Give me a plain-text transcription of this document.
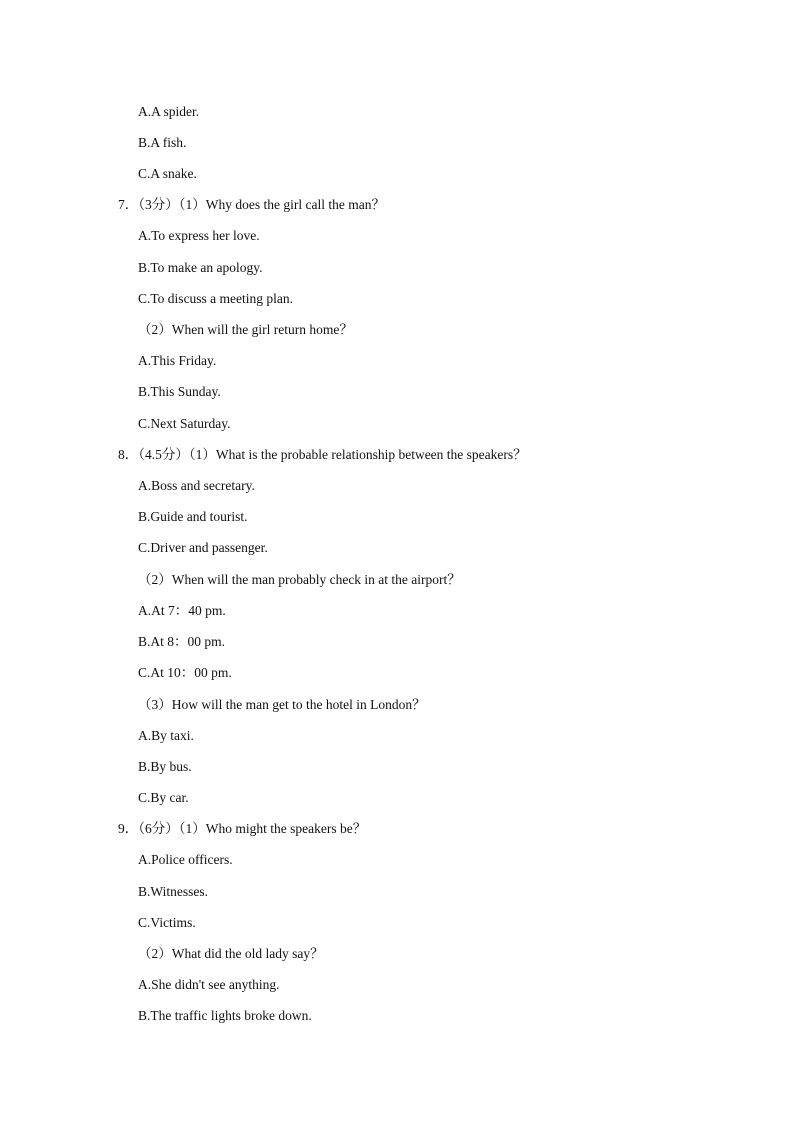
A.A spider.
B.A fish.
C.A snake.
7．（3分）（1）Why does the girl call the man？
A.To express her love.
B.To make an apology.
C.To discuss a meeting plan.
（2）When will the girl return home？
A.This Friday.
B.This Sunday.
C.Next Saturday.
8．（4.5分）（1）What is the probable relationship between the speakers？
A.Boss and secretary.
B.Guide and tourist.
C.Driver and passenger.
（2）When will the man probably check in at the airport？
A.At 7：40 pm.
B.At 8：00 pm.
C.At 10：00 pm.
（3）How will the man get to the hotel in London？
A.By taxi.
B.By bus.
C.By car.
9．（6分）（1）Who might the speakers be？
A.Police officers.
B.Witnesses.
C.Victims.
（2）What did the old lady say？
A.She didn't see anything.
B.The traffic lights broke down.
